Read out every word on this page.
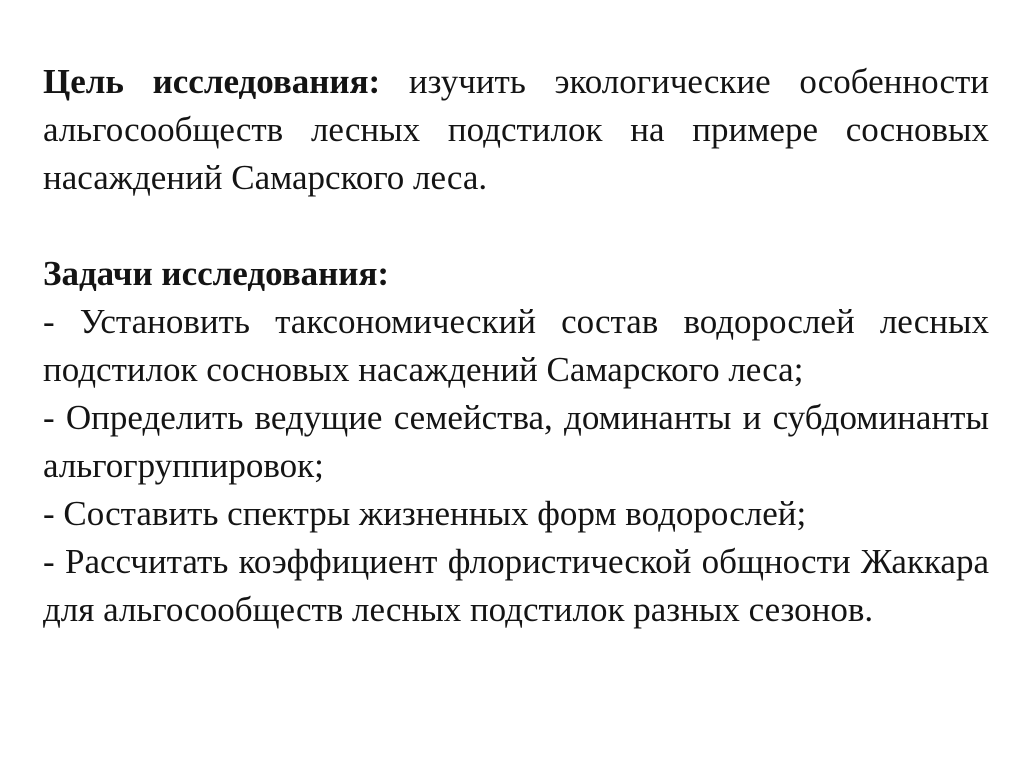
Цель исследования: изучить экологические особенности альгосообществ лесных подстилок на примере сосновых насаждений Самарского леса.

Задачи исследования:

- Установить таксономический состав водорослей лесных подстилок сосновых насаждений Самарского леса;

- Определить ведущие семейства, доминанты и субдоминанты альгогруппировок;

- Составить спектры жизненных форм водорослей;

- Рассчитать коэффициент флористической общности Жаккара для альгосообществ лесных подстилок разных сезонов.
